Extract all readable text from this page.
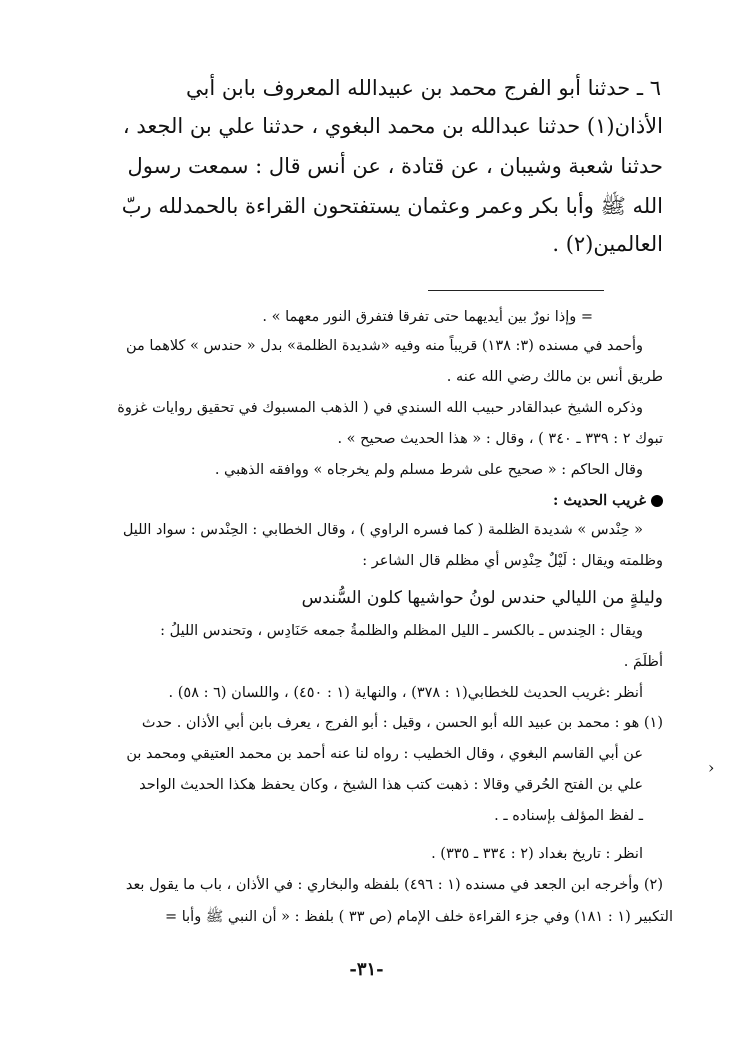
٦ ـ حدثنا أبو الفرج محمد بن عبيدالله المعروف بابن أبي
الأذان(١) حدثنا عبدالله بن محمد البغوي ، حدثنا علي بن الجعد ،
حدثنا شعبة وشيبان ، عن قتادة ، عن أنس قال : سمعت رسول
الله ﷺ وأبا بكر وعمر وعثمان يستفتحون القراءة بالحمدلله ربّ
العالمين(٢) .
= وإذا نورٌ بين أيديهما حتى تفرقا فتفرق النور معهما » .
وأحمد في مسنده (٣: ١٣٨) قريباً منه وفيه «شديدة الظلمة» بدل « حندس » كلاهما من
طريق أنس بن مالك رضي الله عنه .
وذكره الشيخ عبدالقادر حبيب الله السندي في ( الذهب المسبوك في تحقيق روايات غزوة
تبوك ٢ : ٣٣٩ ـ ٣٤٠ ) ، وقال : « هذا الحديث صحيح » .
وقال الحاكم : « صحيح على شرط مسلم ولم يخرجاه » ووافقه الذهبي .
غريب الحديث :
« حِنْدس » شديدة الظلمة ( كما فسره الراوي ) ، وقال الخطابي : الحِنْدس : سواد الليل
وظلمته ويقال : لَيْلٌ حِنْدِس أي مظلم قال الشاعر :
وليلةٍ من الليالي حندس لونُ حواشيها كلون السُّندس
ويقال : الحِندس ـ بالكسر ـ الليل المظلم والظلمةُ جمعه حَنَادِس ، وتحندس الليلُ :
أظلَمَ .
أنظر :غريب الحديث للخطابي(١ : ٣٧٨) ، والنهاية (١ : ٤٥٠) ، واللسان (٦ : ٥٨) .
(١) هو : محمد بن عبيد الله أبو الحسن ، وقيل : أبو الفرج ، يعرف بابن أبي الأذان . حدث
عن أبي القاسم البغوي ، وقال الخطيب : رواه لنا عنه أحمد بن محمد العتيقي ومحمد بن
علي بن الفتح الحُرقي وقالا : ذهبت كتب هذا الشيخ ، وكان يحفظ هكذا الحديث الواحد
ـ لفظ المؤلف بإسناده ـ .
انظر : تاريخ بغداد (٢ : ٣٣٤ ـ ٣٣٥) .
(٢) وأخرجه ابن الجعد في مسنده (١ : ٤٩٦) بلفظه والبخاري : في الأذان ، باب ما يقول بعد
التكبير (١ : ١٨١) وفي جزء القراءة خلف الإمام (ص ٣٣ ) بلفظ : « أن النبي ﷺ وأبا =
›
-٣١-
